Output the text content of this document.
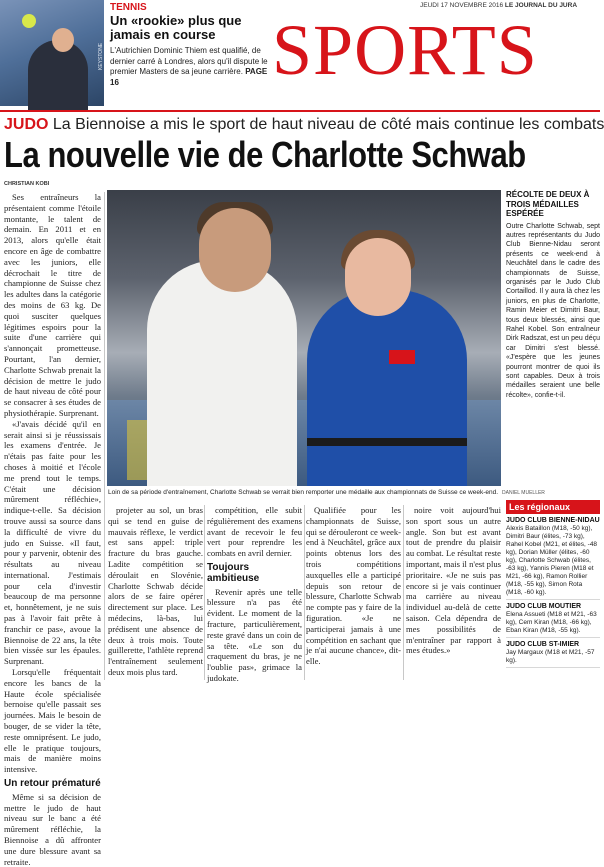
KEYSTONE
TENNIS
Un «rookie» plus que jamais en course
L'Autrichien Dominic Thiem est qualifié, de dernier carré à Londres, alors qu'il dispute le premier Masters de sa jeune carrière. PAGE 16
JEUDI 17 NOVEMBRE 2016 LE JOURNAL DU JURA
SPORTS
JUDO La Biennoise a mis le sport de haut niveau de côté mais continue les combats
La nouvelle vie de Charlotte Schwab
CHRISTIAN KOBI

Ses entraîneurs la présentaient comme l'étoile montante, le talent de demain. En 2011 et en 2013, alors qu'elle était encore en âge de combattre avec les juniors, elle décrochait le titre de championne de Suisse chez les adultes dans la catégorie des moins de 63 kg. De quoi susciter quelques légitimes espoirs pour la suite d'une carrière qui s'annonçait prometteuse. Pourtant, l'an dernier, Charlotte Schwab prenait la décision de mettre le judo de haut niveau de côté pour se consacrer à ses études de physiothérapie. Surprenant.

«J'avais décidé qu'il en serait ainsi si je réussissais les examens d'entrée. Je n'étais pas faite pour les choses à moitié et l'école me prend tout le temps. C'était une décision mûrement réfléchie», indique-t-elle. Sa décision trouve aussi sa source dans la difficulté de vivre du judo en Suisse. «Il faut, pour y parvenir, obtenir des résultats au niveau international. J'estimais pour cela d'investir beaucoup de ma personne et, honnêtement, je ne suis pas à l'avoir fait prête à franchir ce pas», avoue la Biennoise de 22 ans, la tête bien vissée sur les épaules. Surprenant.

Lorsqu'elle fréquentait encore les bancs de la Haute école spécialisée bernoise qu'elle passait ses journées. Mais le besoin de bouger, de se vider la tête, reste omniprésent. Le judo, elle le pratique toujours, mais de manière moins intensive.

Un retour prématuré

Même si sa décision de mettre le judo de haut niveau sur le banc a été mûrement réfléchie, la Biennoise a dû affronter une dure blessure avant sa retraite.

Loin de sa période d'entraînement, Charlotte Schwab se verrait bien remporter une médaille aux championnats de Suisse ce week-end. DANIEL MUELLER

projeter au sol, un bras qui se tend en guise de mauvais réflexe, le verdict est sans appel: triple fracture du bras gauche. Ladite compétition se déroulait en Slovénie, Charlotte Schwab décide alors de se faire opérer directement sur place. Les médecins, là-bas, lui prédisent une absence de deux à trois mois. Toute guillerette, l'athlète reprend l'entraînement seulement deux mois plus tard.

compétition, elle subit régulièrement des examens avant de recevoir le feu vert pour reprendre les combats en avril dernier.

Toujours ambitieuse

Revenir après une telle blessure n'a pas été évident. Le moment de la fracture, particulièrement, reste gravé dans un coin de sa tête. «Le son du craquement du bras, je ne l'oublie pas», grimace la judokate.

Qualifiée pour les championnats de Suisse, qui se dérouleront ce week-end à Neuchâtel, grâce aux points obtenus lors des trois compétitions auxquelles elle a participé depuis son retour de blessure, Charlotte Schwab ne compte pas y faire de la figuration. «Je ne participerai jamais à une compétition en sachant que je n'ai aucune chance», dit-elle.

noire voit aujourd'hui son sport sous un autre angle. Son but est avant tout de prendre du plaisir au combat. Le résultat reste important, mais il n'est plus prioritaire. «Je ne suis pas encore si je vais continuer ma carrière au niveau individuel au-delà de cette saison. Cela dépendra de mes possibilités de m'entraîner par rapport à mes études.»

RÉCOLTE DE DEUX À TROIS MÉDAILLES ESPÉRÉE

Outre Charlotte Schwab, sept autres représentants du Judo Club Bienne-Nidau seront présents ce week-end à Neuchâtel dans le cadre des championnats de Suisse, organisés par le Judo Club Cortaillod. Il y aura là chez les juniors, en plus de Charlotte, Ramin Meier et Dimitri Baur, tous deux blessés, ainsi que Rahel Kobel. Son entraîneur Dirk Radszat, est un peu déçu car Dimitri s'est blessé. «J'espère que les jeunes pourront montrer de quoi ils sont capables. Deux à trois médailles seraient une belle récolte», confie-t-il.

Les régionaux
JUDO CLUB BIENNE-NIDAU
Alexis Bataillon (M18, -50 kg), Dimitri Baur (élites, -73 kg), Rahel Kobel (M21, et élites, -48 kg), Dorian Müller (élites, -60 kg), Charlotte Schwab (élites, -63 kg), Yannis Pieren (M18 et M21, -66 kg), Ramon Rollier (M18, -55 kg), Simon Rota (M18, -60 kg).
JUDO CLUB MOUTIER
Elena Assueti (M18 et M21, -63 kg), Cem Kiran (M18, -66 kg), Eban Kiran (M18, -55 kg).
JUDO CLUB ST-IMIER
Jay Margaux (M18 et M21, -57 kg).
